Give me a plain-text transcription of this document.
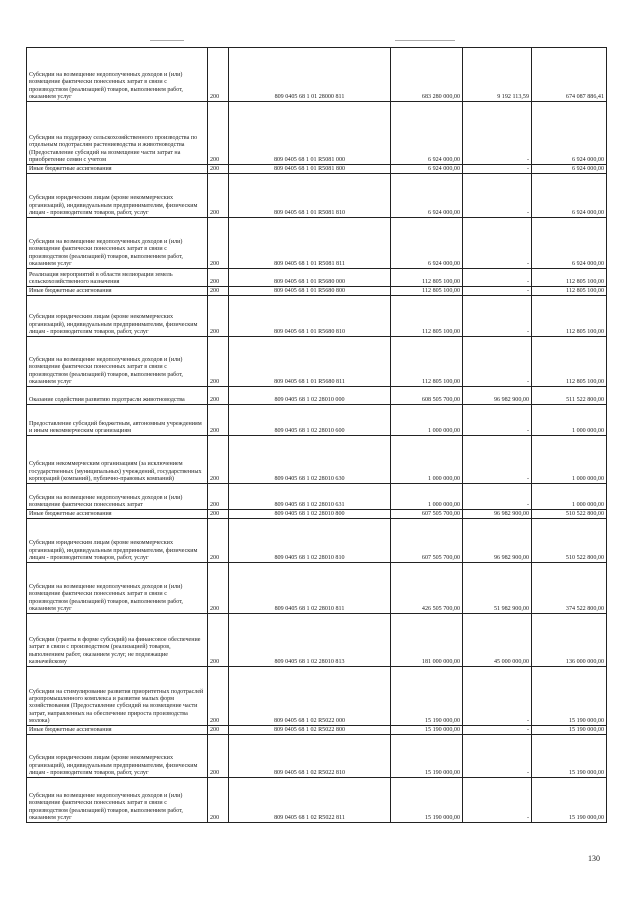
Субсидии на возмещение недополученных доходов и (или) возмещение фактически понесенных затрат в связи с производством (реализацией) товаров, выполнением работ, оказанием услуг	200	809 0405 68 1 01 28000 811	683 280 000,00	9 192 113,59	674 087 886,41
Субсидии на поддержку сельскохозяйственного производства по отдельным подотраслям растениеводства и животноводства (Предоставление субсидий на возмещение части затрат на приобретение семян с учетом	200	809 0405 68 1 01 R5081 000	6 924 000,00	-	6 924 000,00
Иные бюджетные ассигнования	200	809 0405 68 1 01 R5081 800	6 924 000,00	-	6 924 000,00
Субсидии юридическим лицам (кроме некоммерческих организаций), индивидуальным предпринимателям, физическим лицам - производителям товаров, работ, услуг	200	809 0405 68 1 01 R5081 810	6 924 000,00	-	6 924 000,00
Субсидии на возмещение недополученных доходов и (или) возмещение фактически понесенных затрат в связи с производством (реализацией) товаров, выполнением работ, оказанием услуг	200	809 0405 68 1 01 R5081 811	6 924 000,00	-	6 924 000,00
Реализация мероприятий в области мелиорации земель сельскохозяйственного назначения	200	809 0405 68 1 01 R5680 000	112 805 100,00	-	112 805 100,00
Иные бюджетные ассигнования	200	809 0405 68 1 01 R5680 800	112 805 100,00	-	112 805 100,00
Субсидии юридическим лицам (кроме некоммерческих организаций), индивидуальным предпринимателям, физическим лицам - производителям товаров, работ, услуг	200	809 0405 68 1 01 R5680 810	112 805 100,00	-	112 805 100,00
Субсидии на возмещение недополученных доходов и (или) возмещение фактически понесенных затрат в связи с производством (реализацией) товаров, выполнением работ, оказанием услуг	200	809 0405 68 1 01 R5680 811	112 805 100,00	-	112 805 100,00
Оказание содействия развитию подотрасли животноводства	200	809 0405 68 1 02 28010 000	608 505 700,00	96 982 900,00	511 522 800,00
Предоставление субсидий бюджетным, автономным учреждениям и иным некоммерческим организациям	200	809 0405 68 1 02 28010 600	1 000 000,00	-	1 000 000,00
Субсидии некоммерческим организациям (за исключением государственных (муниципальных) учреждений, государственных корпораций (компаний), публично-правовых компаний)	200	809 0405 68 1 02 28010 630	1 000 000,00	-	1 000 000,00
Субсидии на возмещение недополученных доходов и (или) возмещение фактически понесенных затрат	200	809 0405 68 1 02 28010 631	1 000 000,00	-	1 000 000,00
Иные бюджетные ассигнования	200	809 0405 68 1 02 28010 800	607 505 700,00	96 982 900,00	510 522 800,00
Субсидии юридическим лицам (кроме некоммерческих организаций), индивидуальным предпринимателям, физическим лицам - производителям товаров, работ, услуг	200	809 0405 68 1 02 28010 810	607 505 700,00	96 982 900,00	510 522 800,00
Субсидии на возмещение недополученных доходов и (или) возмещение фактически понесенных затрат в связи с производством (реализацией) товаров, выполнением работ, оказанием услуг	200	809 0405 68 1 02 28010 811	426 505 700,00	51 982 900,00	374 522 800,00
Субсидии (гранты в форме субсидий) на финансовое обеспечение затрат в связи с производством (реализацией) товаров, выполнением работ, оказанием услуг, не подлежащие казначейскому	200	809 0405 68 1 02 28010 813	181 000 000,00	45 000 000,00	136 000 000,00
Субсидии на стимулирование развития приоритетных подотраслей агропромышленного комплекса и развитие малых форм хозяйствования (Предоставление субсидий на возмещение части затрат, направленных на обеспечение прироста производства молока)	200	809 0405 68 1 02 R5022 000	15 190 000,00	-	15 190 000,00
Иные бюджетные ассигнования	200	809 0405 68 1 02 R5022 800	15 190 000,00	-	15 190 000,00
Субсидии юридическим лицам (кроме некоммерческих организаций), индивидуальным предпринимателям, физическим лицам - производителям товаров, работ, услуг	200	809 0405 68 1 02 R5022 810	15 190 000,00	-	15 190 000,00
Субсидии на возмещение недополученных доходов и (или) возмещение фактически понесенных затрат в связи с производством (реализацией) товаров, выполнением работ, оказанием услуг	200	809 0405 68 1 02 R5022 811	15 190 000,00	-	15 190 000,00
130
